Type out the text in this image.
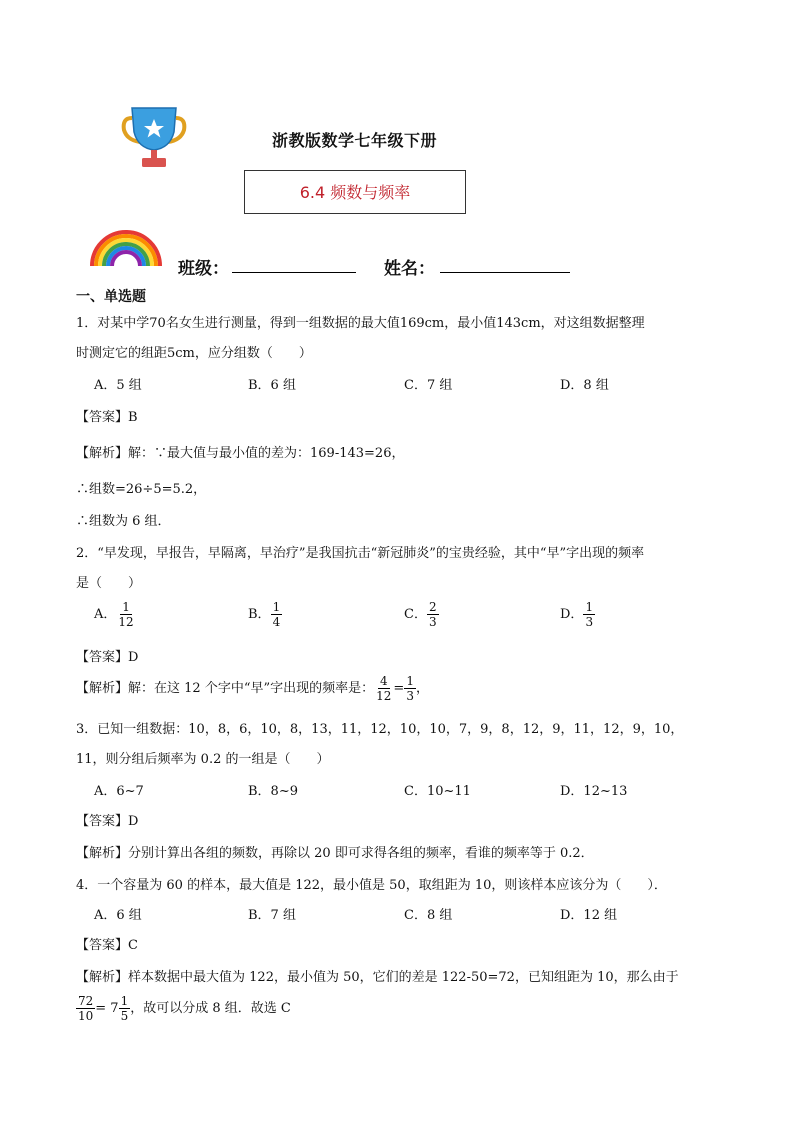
浙教版数学七年级下册
6.4 频数与频率
班级：	姓名：
一、单选题
1．对某中学70名女生进行测量，得到一组数据的最大值169cm，最小值143cm，对这组数据整理
时测定它的组距5cm，应分组数（　　）
A．5 组	B．6 组	C．7 组	D．8 组
【答案】B
【解析】解：∵最大值与最小值的差为：169-143=26，
∴组数=26÷5=5.2，
∴组数为 6 组．
2．“早发现，早报告，早隔离，早治疗”是我国抗击“新冠肺炎”的宝贵经验，其中“早”字出现的频率
是（　　）
A． $\frac{1}{12}$	B． $\frac{1}{4}$	C． $\frac{2}{3}$	D． $\frac{1}{3}$
【答案】D
【解析】解：在这 12 个字中“早”字出现的频率是： $\frac{4}{12} = \frac{1}{3}$ ，
3．已知一组数据：10，8，6，10，8，13，11，12，10，10，7，9，8，12，9，11，12，9，10，
11，则分组后频率为 0.2 的一组是（　　）
A．6~7	B．8~9	C．10~11	D．12~13
【答案】D
【解析】分别计算出各组的频数，再除以 20 即可求得各组的频率，看谁的频率等于 0.2．
4．一个容量为 60 的样本，最大值是 122，最小值是 50，取组距为 10，则该样本应该分为（　　）．
A．6 组	B．7 组	C．8 组	D．12 组
【答案】C
【解析】样本数据中最大值为 122，最小值为 50，它们的差是 122-50=72，已知组距为 10，那么由于
$\frac{72}{10} = 7 \frac{1}{5}$ ，故可以分成 8 组．故选 C
